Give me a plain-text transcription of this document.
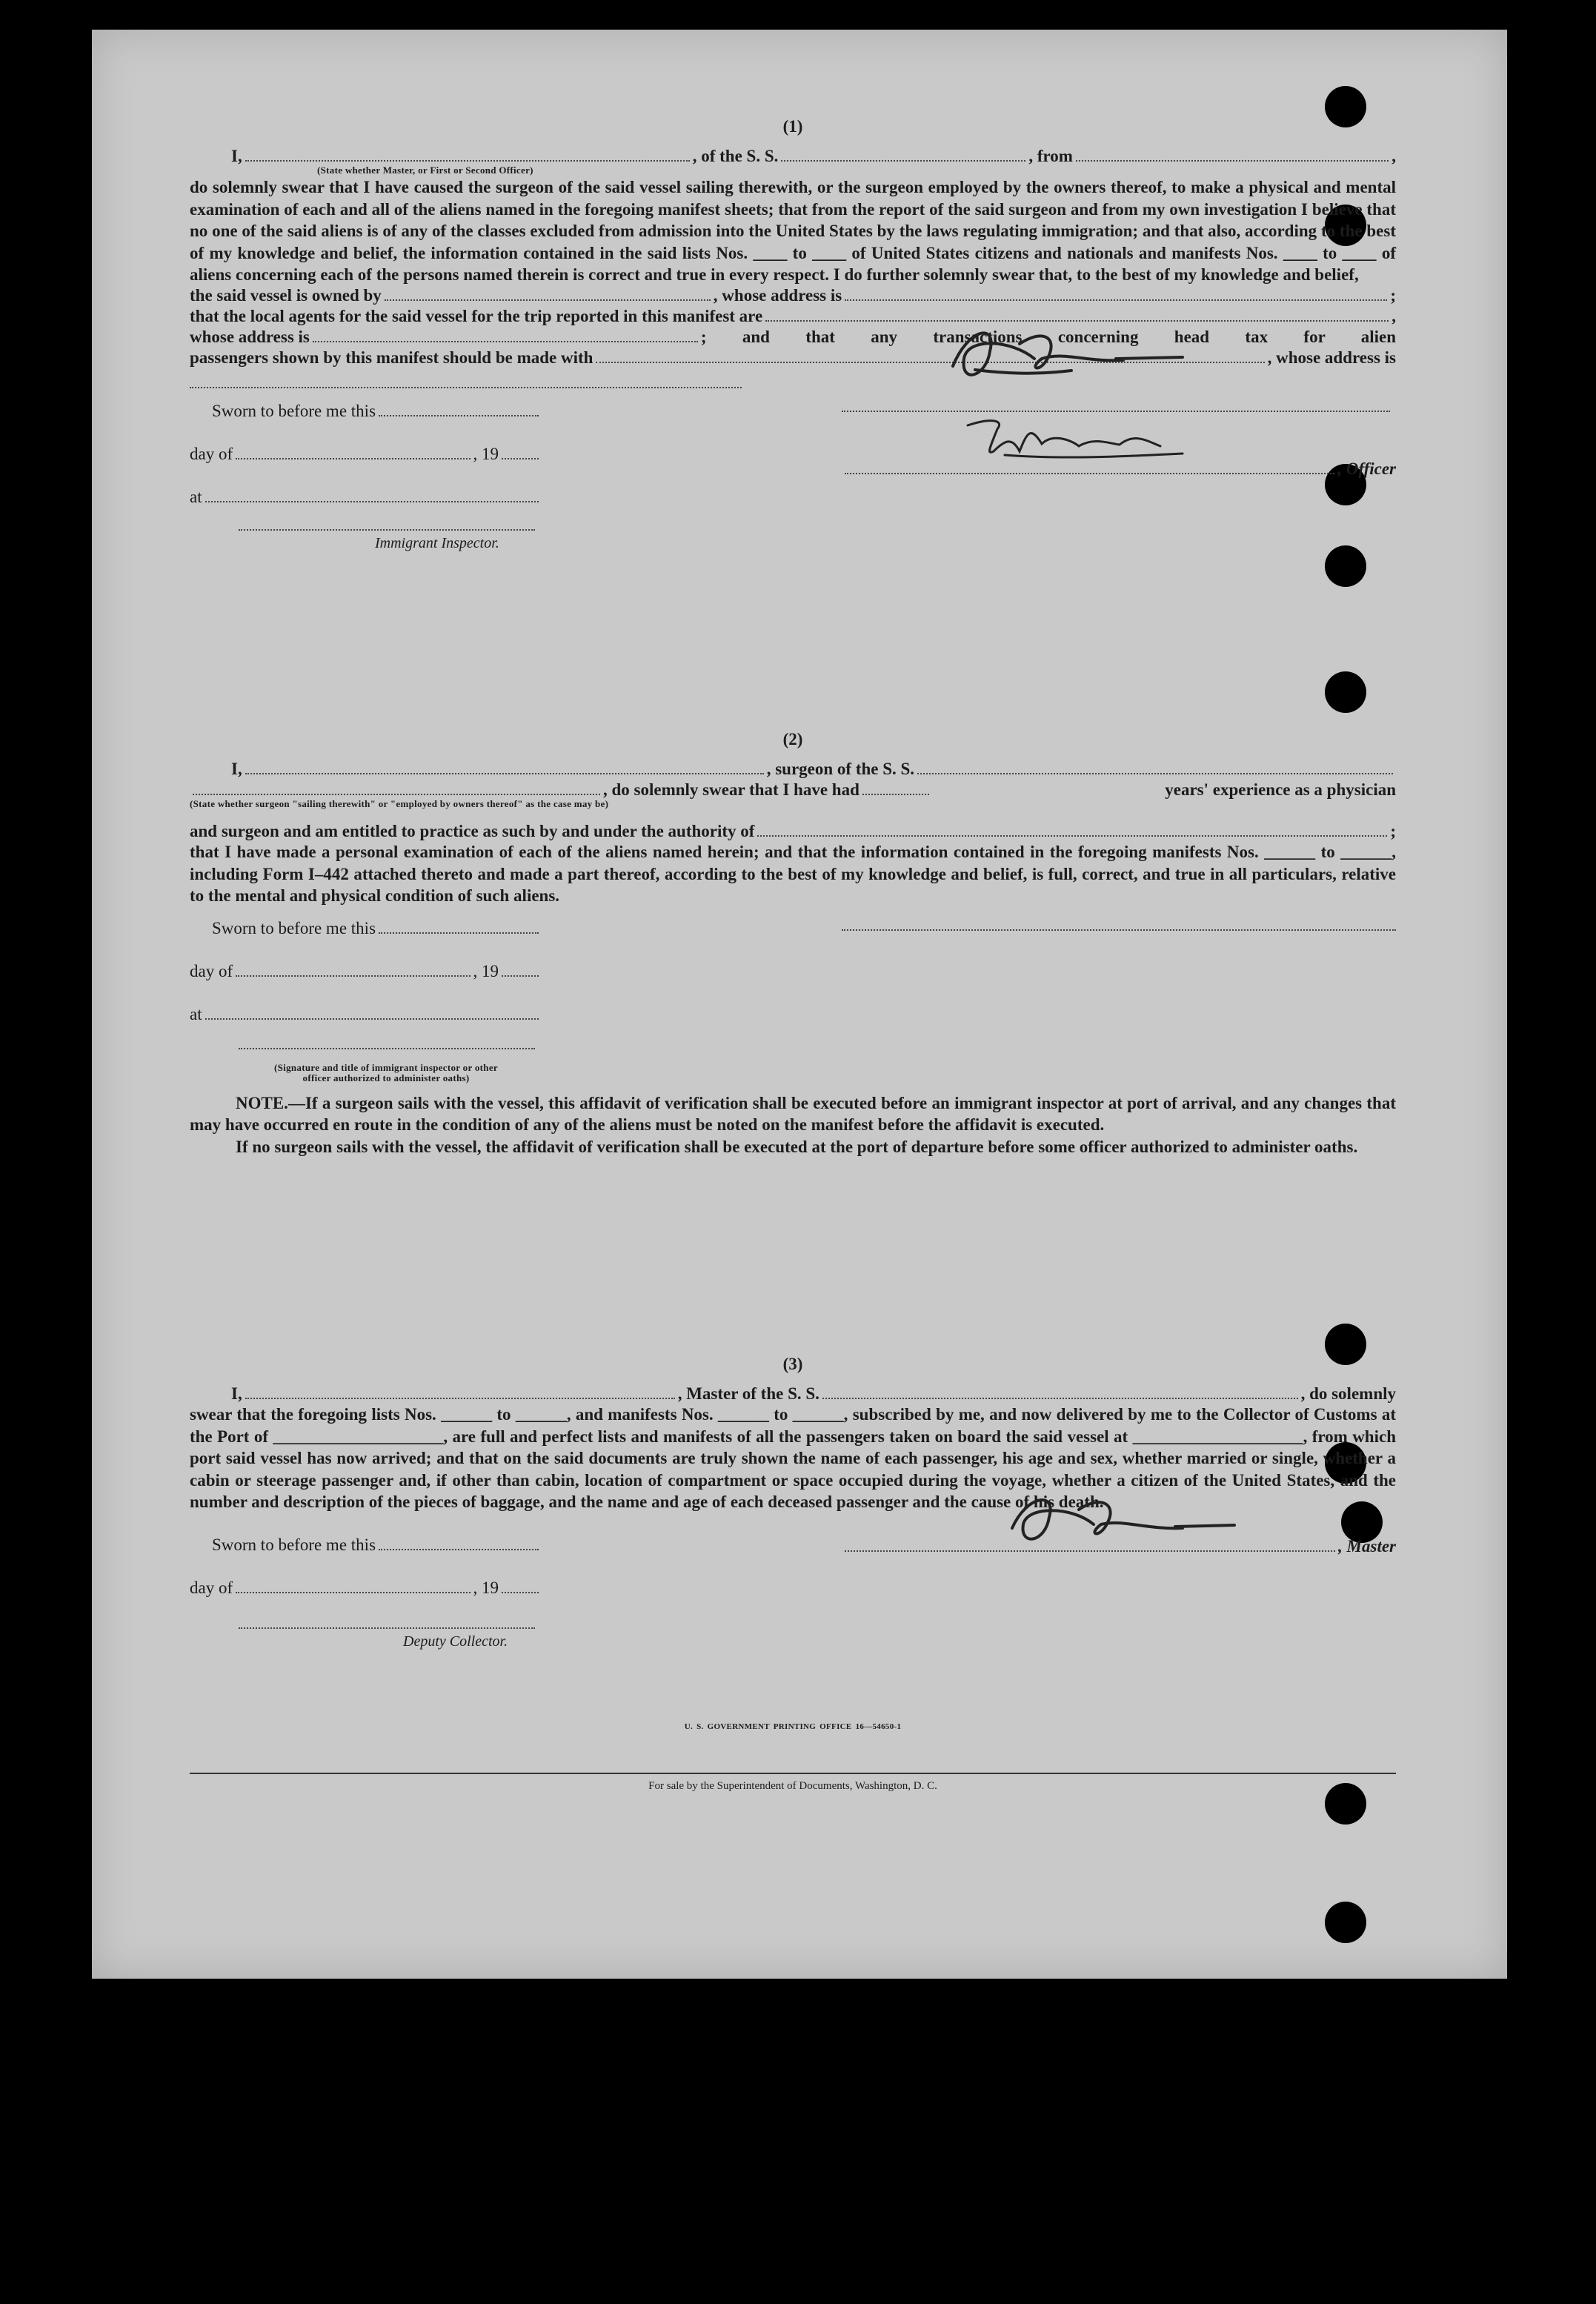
(1)
I,	, of the S. S.	, from	,
(State whether Master, or First or Second Officer)
do solemnly swear that I have caused the surgeon of the said vessel sailing therewith, or the surgeon employed by the owners thereof, to make a physical and mental examination of each and all of the aliens named in the foregoing manifest sheets; that from the report of the said surgeon and from my own investigation I believe that no one of the said aliens is of any of the classes excluded from admission into the United States by the laws regulating immigration; and that also, according to the best of my knowledge and belief, the information contained in the said lists Nos. ____ to ____ of United States citizens and nationals and manifests Nos. ____ to ____ of aliens concerning each of the persons named therein is correct and true in every respect. I do further solemnly swear that, to the best of my knowledge and belief,
the said vessel is owned by	, whose address is	;
that the local agents for the said vessel for the trip reported in this manifest are	,
whose address is	; and that any transactions concerning head tax for alien
passengers shown by this manifest should be made with	, whose address is
Sworn to before me this
day of	, 19
at
, Officer
Immigrant Inspector.
(2)
I,	, surgeon of the S. S.
, do solemnly swear that I have had	years' experience as a physician
(State whether surgeon "sailing therewith" or "employed by owners thereof" as the case may be)
and surgeon and am entitled to practice as such by and under the authority of	;
that I have made a personal examination of each of the aliens named herein; and that the information contained in the foregoing manifests Nos. ______ to ______, including Form I–442 attached thereto and made a part thereof, according to the best of my knowledge and belief, is full, correct, and true in all particulars, relative to the mental and physical condition of such aliens.
Sworn to before me this
day of	, 19
at
(Signature and title of immigrant inspector or other officer authorized to administer oaths)
NOTE.—If a surgeon sails with the vessel, this affidavit of verification shall be executed before an immigrant inspector at port of arrival, and any changes that may have occurred en route in the condition of any of the aliens must be noted on the manifest before the affidavit is executed.
If no surgeon sails with the vessel, the affidavit of verification shall be executed at the port of departure before some officer authorized to administer oaths.
(3)
I,	, Master of the S. S.	, do solemnly
swear that the foregoing lists Nos. ______ to ______, and manifests Nos. ______ to ______, subscribed by me, and now delivered by me to the Collector of Customs at the Port of ____________________, are full and perfect lists and manifests of all the passengers taken on board the said vessel at ____________________, from which port said vessel has now arrived; and that on the said documents are truly shown the name of each passenger, his age and sex, whether married or single, whether a cabin or steerage passenger and, if other than cabin, location of compartment or space occupied during the voyage, whether a citizen of the United States, and the number and description of the pieces of baggage, and the name and age of each deceased passenger and the cause of his death.
Sworn to before me this	, Master
day of	, 19
Deputy Collector.
U. S. GOVERNMENT PRINTING OFFICE 16—54650-1
For sale by the Superintendent of Documents, Washington, D. C.
